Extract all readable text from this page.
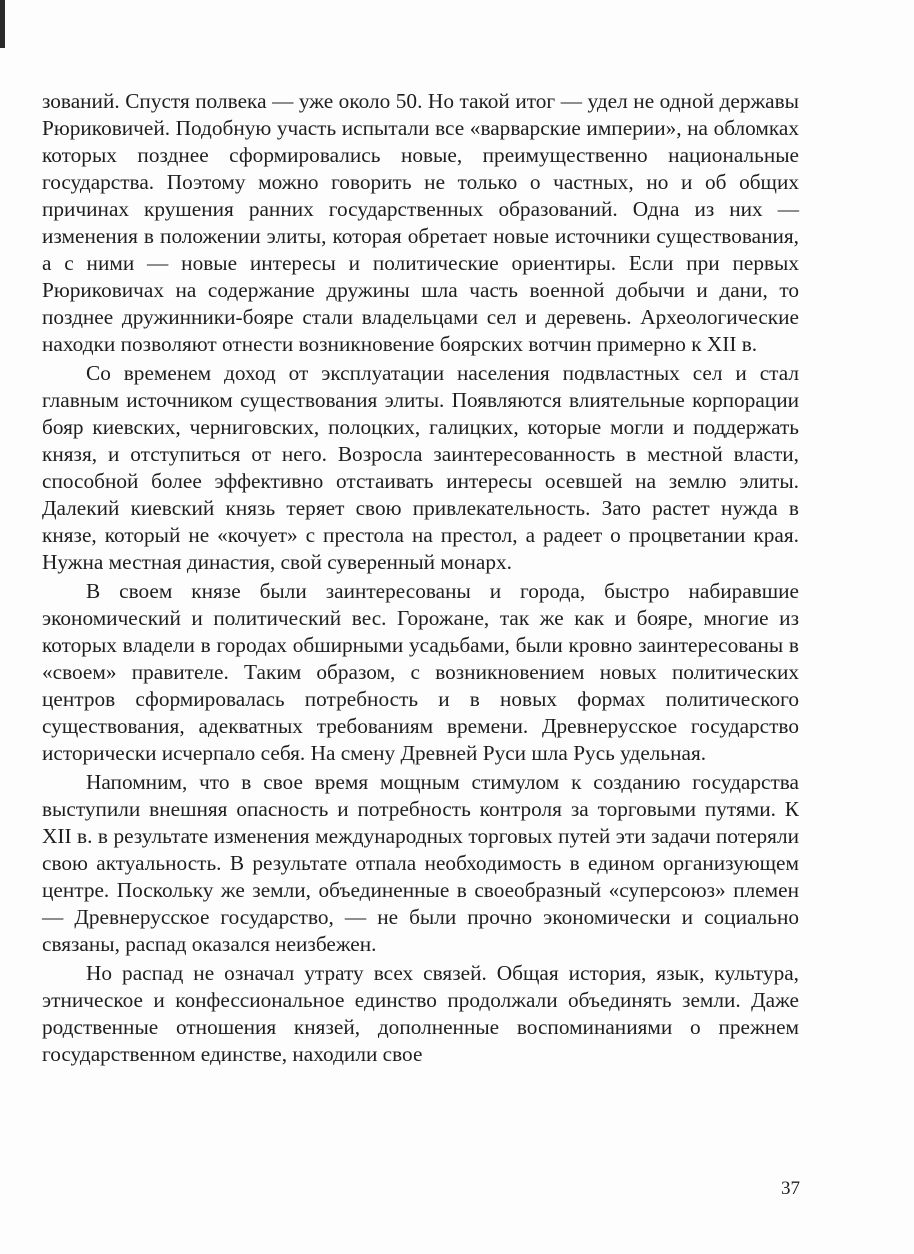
зований. Спустя полвека — уже около 50. Но такой итог — удел не одной державы Рюриковичей. Подобную участь испытали все «варварские империи», на обломках которых позднее сформировались новые, преимущественно национальные государства. Поэтому можно говорить не только о частных, но и об общих причинах крушения ранних государственных образований. Одна из них — изменения в положении элиты, которая обретает новые источники существования, а с ними — новые интересы и политические ориентиры. Если при первых Рюриковичах на содержание дружины шла часть военной добычи и дани, то позднее дружинники-бояре стали владельцами сел и деревень. Археологические находки позволяют отнести возникновение боярских вотчин примерно к XII в.

Со временем доход от эксплуатации населения подвластных сел и стал главным источником существования элиты. Появляются влиятельные корпорации бояр киевских, черниговских, полоцких, галицких, которые могли и поддержать князя, и отступиться от него. Возросла заинтересованность в местной власти, способной более эффективно отстаивать интересы осевшей на землю элиты. Далекий киевский князь теряет свою привлекательность. Зато растет нужда в князе, который не «кочует» с престола на престол, а радеет о процветании края. Нужна местная династия, свой суверенный монарх.

В своем князе были заинтересованы и города, быстро набиравшие экономический и политический вес. Горожане, так же как и бояре, многие из которых владели в городах обширными усадьбами, были кровно заинтересованы в «своем» правителе. Таким образом, с возникновением новых политических центров сформировалась потребность и в новых формах политического существования, адекватных требованиям времени. Древнерусское государство исторически исчерпало себя. На смену Древней Руси шла Русь удельная.

Напомним, что в свое время мощным стимулом к созданию государства выступили внешняя опасность и потребность контроля за торговыми путями. К XII в. в результате изменения международных торговых путей эти задачи потеряли свою актуальность. В результате отпала необходимость в едином организующем центре. Поскольку же земли, объединенные в своеобразный «суперсоюз» племен — Древнерусское государство, — не были прочно экономически и социально связаны, распад оказался неизбежен.

Но распад не означал утрату всех связей. Общая история, язык, культура, этническое и конфессиональное единство продолжали объединять земли. Даже родственные отношения князей, дополненные воспоминаниями о прежнем государственном единстве, находили свое

37
